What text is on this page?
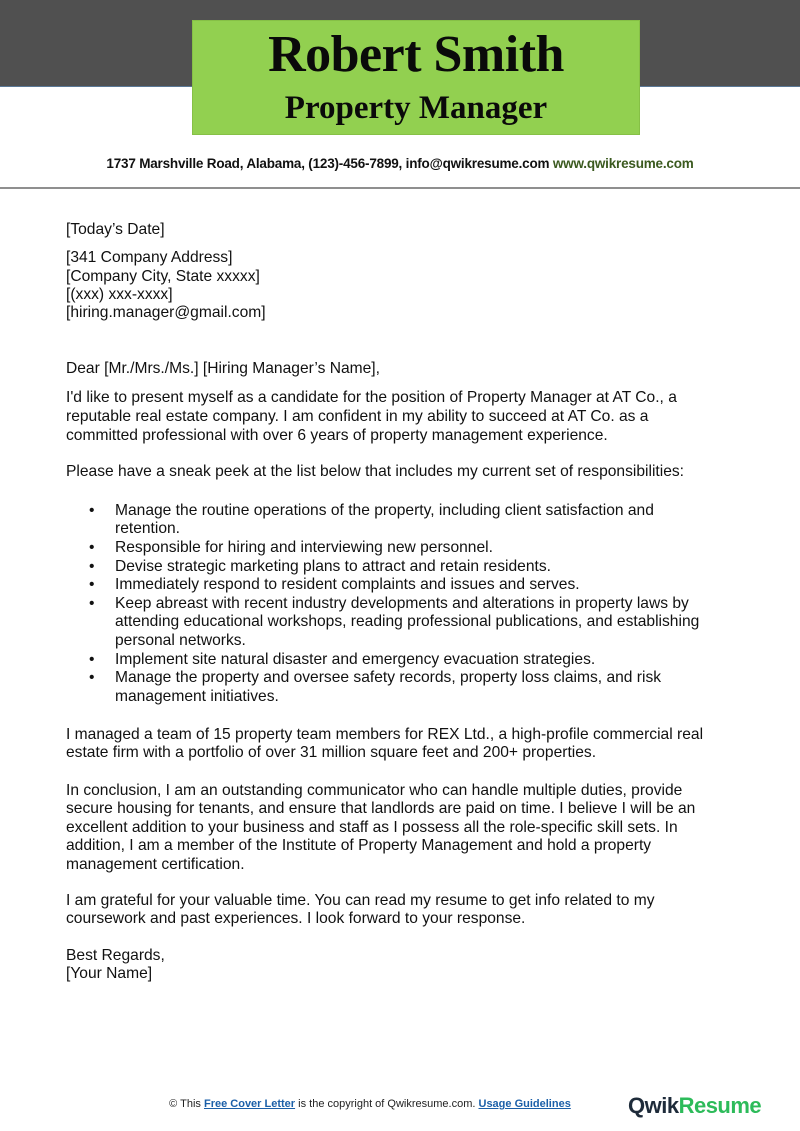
Robert Smith
Property Manager
1737 Marshville Road, Alabama, (123)-456-7899, info@qwikresume.com www.qwikresume.com
[Today’s Date]
[341 Company Address]
[Company City, State xxxxx]
[(xxx) xxx-xxxx]
[hiring.manager@gmail.com]
Dear [Mr./Mrs./Ms.] [Hiring Manager’s Name],
I'd like to present myself as a candidate for the position of Property Manager at AT Co., a
reputable real estate company. I am confident in my ability to succeed at AT Co. as a
committed professional with over 6 years of property management experience.
Please have a sneak peek at the list below that includes my current set of responsibilities:
• Manage the routine operations of the property, including client satisfaction and
retention.
• Responsible for hiring and interviewing new personnel.
• Devise strategic marketing plans to attract and retain residents.
• Immediately respond to resident complaints and issues and serves.
• Keep abreast with recent industry developments and alterations in property laws by
attending educational workshops, reading professional publications, and establishing
personal networks.
• Implement site natural disaster and emergency evacuation strategies.
• Manage the property and oversee safety records, property loss claims, and risk
management initiatives.
I managed a team of 15 property team members for REX Ltd., a high-profile commercial real
estate firm with a portfolio of over 31 million square feet and 200+ properties.
In conclusion, I am an outstanding communicator who can handle multiple duties, provide
secure housing for tenants, and ensure that landlords are paid on time. I believe I will be an
excellent addition to your business and staff as I possess all the role-specific skill sets. In
addition, I am a member of the Institute of Property Management and hold a property
management certification.
I am grateful for your valuable time. You can read my resume to get info related to my
coursework and past experiences. I look forward to your response.
Best Regards,
[Your Name]
© This Free Cover Letter is the copyright of Qwikresume.com. Usage Guidelines	QwikResume
